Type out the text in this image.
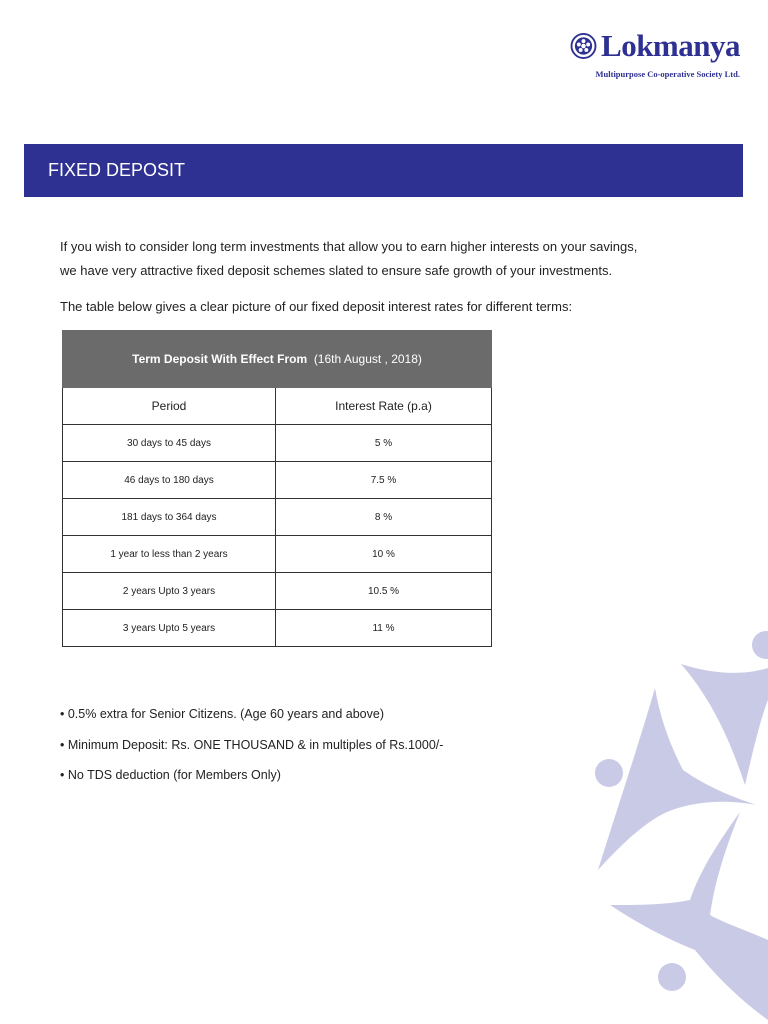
Lokmanya
Multipurpose Co-operative Society Ltd.
FIXED DEPOSIT

If you wish to consider long term investments that allow you to earn higher interests on your savings,
we have very attractive fixed deposit schemes slated to ensure safe growth of your investments.

The table below gives a clear picture of our fixed deposit interest rates for different terms:

Term Deposit With Effect From (16th August , 2018)	
Period	Interest Rate (p.a)
30 days to 45 days	5 %
46 days to 180 days	7.5 %
181 days to 364 days	8 %
1 year to less than 2 years	10 %
2 years Upto 3 years	10.5 %
3 years Upto 5 years	11 %
• 0.5% extra for Senior Citizens. (Age 60 years and above)
• Minimum Deposit: Rs. ONE THOUSAND & in multiples of Rs.1000/-
• No TDS deduction (for Members Only)
